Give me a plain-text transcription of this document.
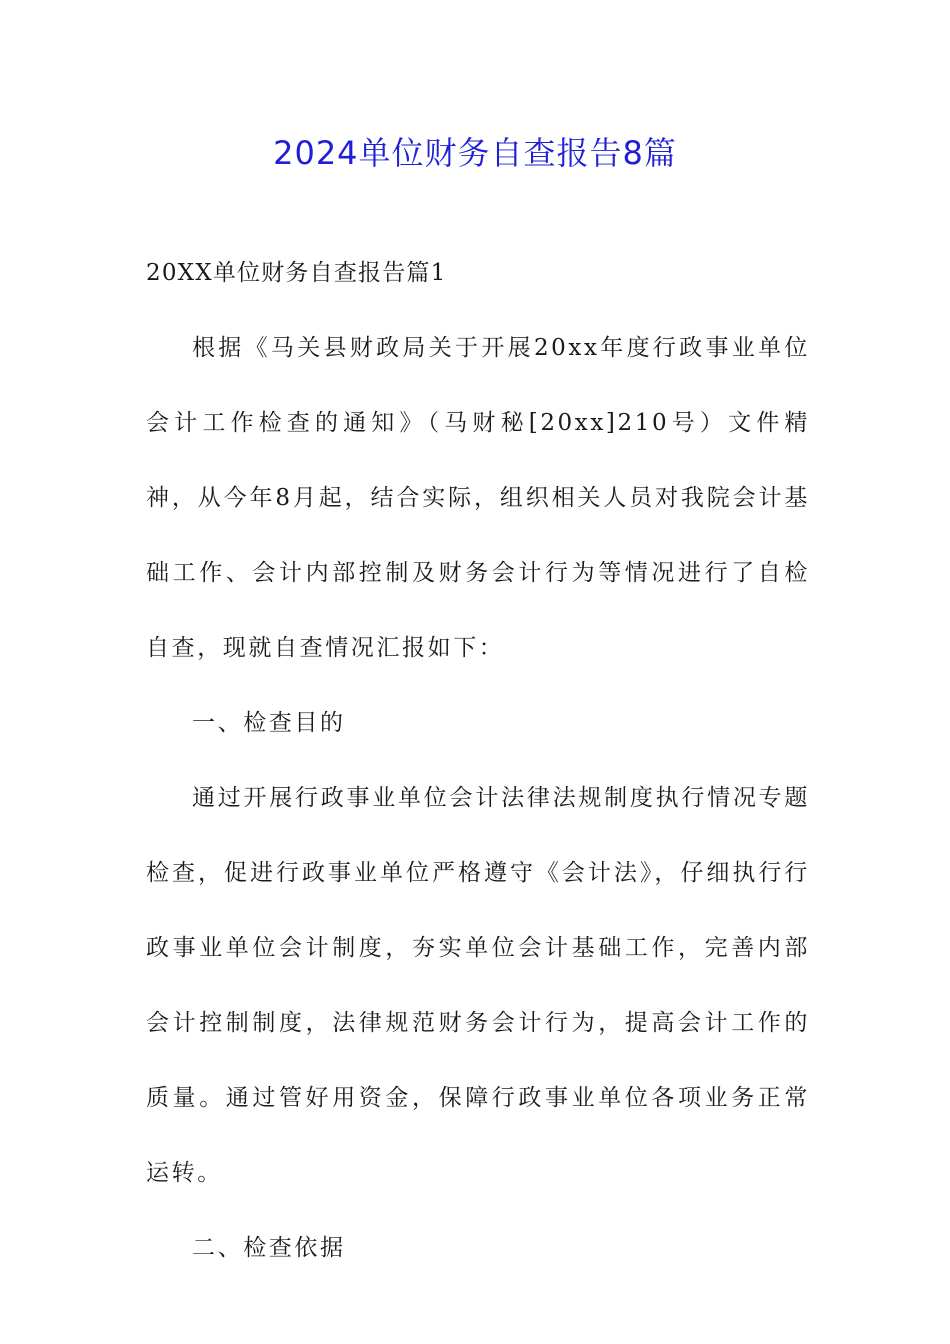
2024单位财务自查报告8篇

20XX单位财务自查报告篇1

根据《马关县财政局关于开展20xx年度行政事业单位会计工作检查的通知》（马财秘[20xx]210号）文件精神，从今年8月起，结合实际，组织相关人员对我院会计基础工作、会计内部控制及财务会计行为等情况进行了自检自查，现就自查情况汇报如下：

一、检查目的

通过开展行政事业单位会计法律法规制度执行情况专题检查，促进行政事业单位严格遵守《会计法》，仔细执行行政事业单位会计制度，夯实单位会计基础工作，完善内部会计控制制度，法律规范财务会计行为，提高会计工作的质量。通过管好用资金，保障行政事业单位各项业务正常运转。

二、检查依据
